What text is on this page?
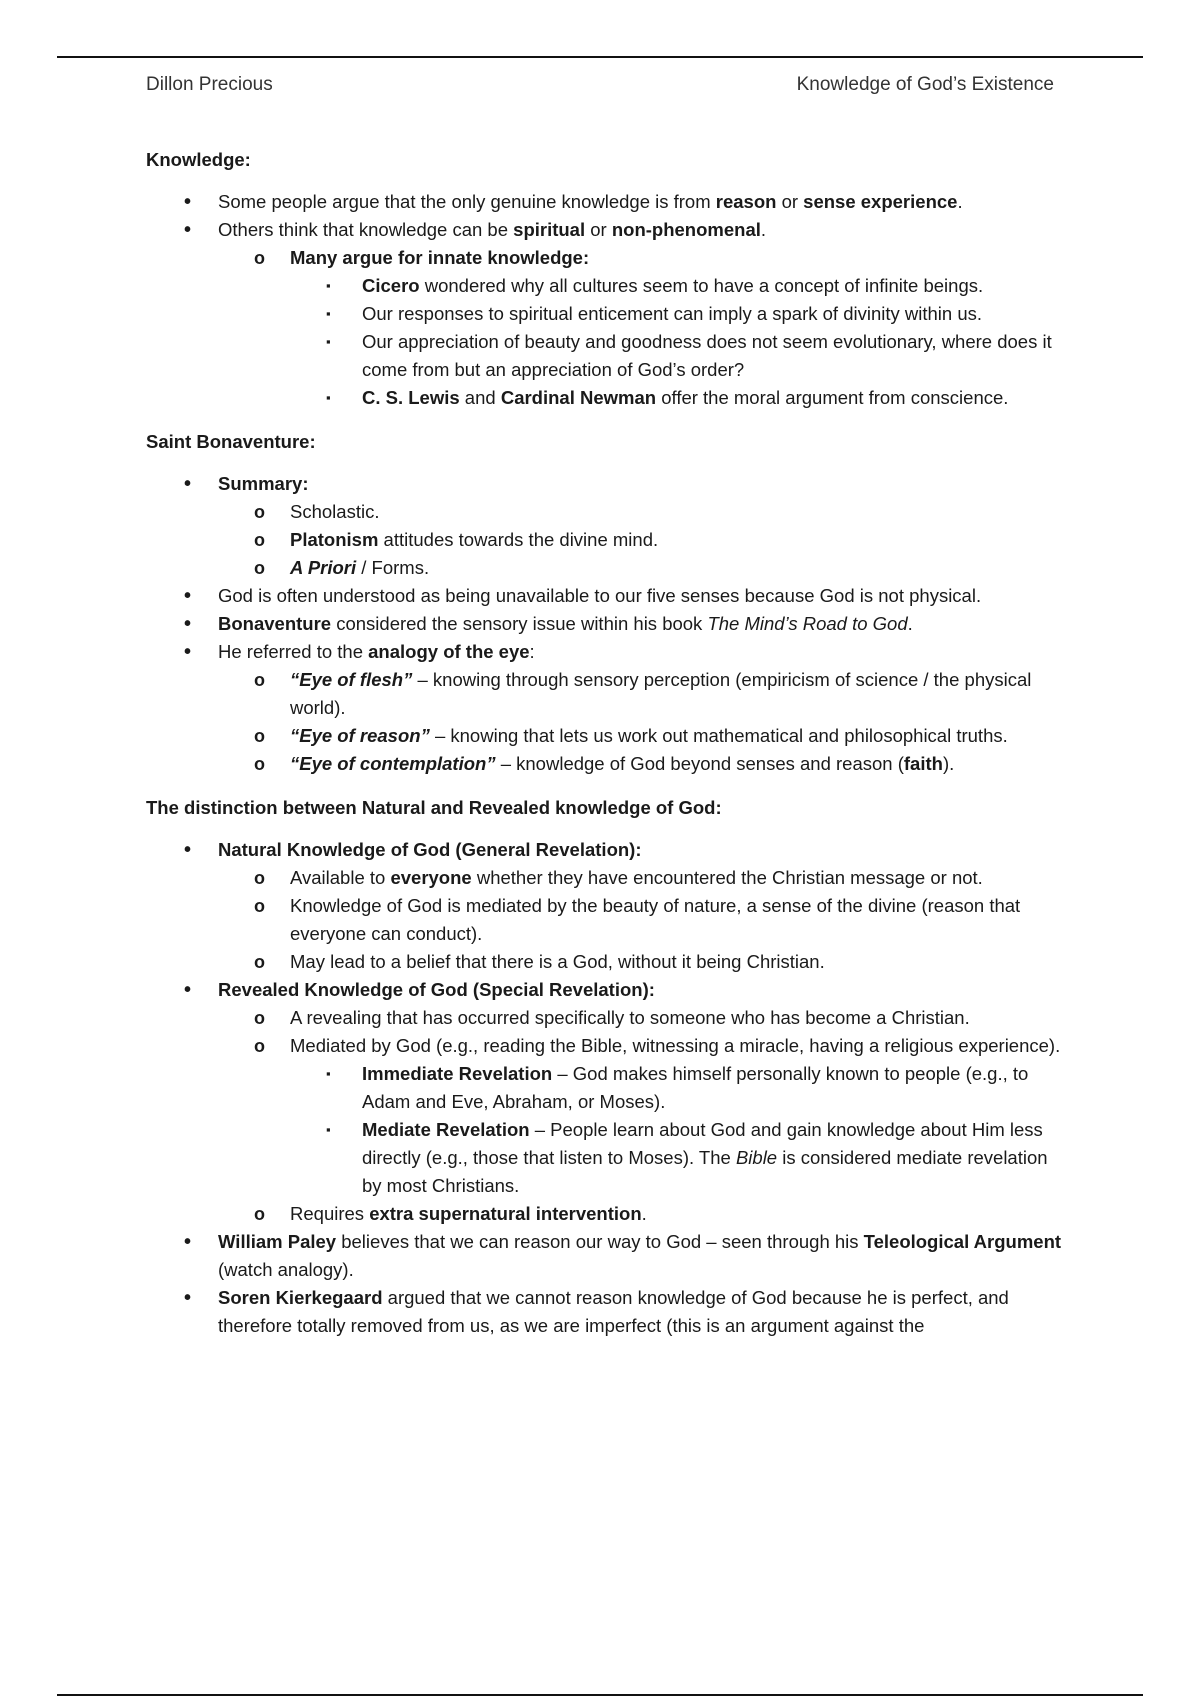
Dillon Precious	Knowledge of God’s Existence
Knowledge:
• Some people argue that the only genuine knowledge is from reason or sense experience.
• Others think that knowledge can be spiritual or non-phenomenal.
o Many argue for innate knowledge:
▪ Cicero wondered why all cultures seem to have a concept of infinite beings.
▪ Our responses to spiritual enticement can imply a spark of divinity within us.
▪ Our appreciation of beauty and goodness does not seem evolutionary, where does it come from but an appreciation of God’s order?
▪ C. S. Lewis and Cardinal Newman offer the moral argument from conscience.
Saint Bonaventure:
• Summary:
o Scholastic.
o Platonism attitudes towards the divine mind.
o A Priori / Forms.
• God is often understood as being unavailable to our five senses because God is not physical.
• Bonaventure considered the sensory issue within his book The Mind’s Road to God.
• He referred to the analogy of the eye:
o “Eye of flesh” – knowing through sensory perception (empiricism of science / the physical world).
o “Eye of reason” – knowing that lets us work out mathematical and philosophical truths.
o “Eye of contemplation” – knowledge of God beyond senses and reason (faith).
The distinction between Natural and Revealed knowledge of God:
• Natural Knowledge of God (General Revelation):
o Available to everyone whether they have encountered the Christian message or not.
o Knowledge of God is mediated by the beauty of nature, a sense of the divine (reason that everyone can conduct).
o May lead to a belief that there is a God, without it being Christian.
• Revealed Knowledge of God (Special Revelation):
o A revealing that has occurred specifically to someone who has become a Christian.
o Mediated by God (e.g., reading the Bible, witnessing a miracle, having a religious experience).
▪ Immediate Revelation – God makes himself personally known to people (e.g., to Adam and Eve, Abraham, or Moses).
▪ Mediate Revelation – People learn about God and gain knowledge about Him less directly (e.g., those that listen to Moses). The Bible is considered mediate revelation by most Christians.
o Requires extra supernatural intervention.
• William Paley believes that we can reason our way to God – seen through his Teleological Argument (watch analogy).
• Soren Kierkegaard argued that we cannot reason knowledge of God because he is perfect, and therefore totally removed from us, as we are imperfect (this is an argument against the
